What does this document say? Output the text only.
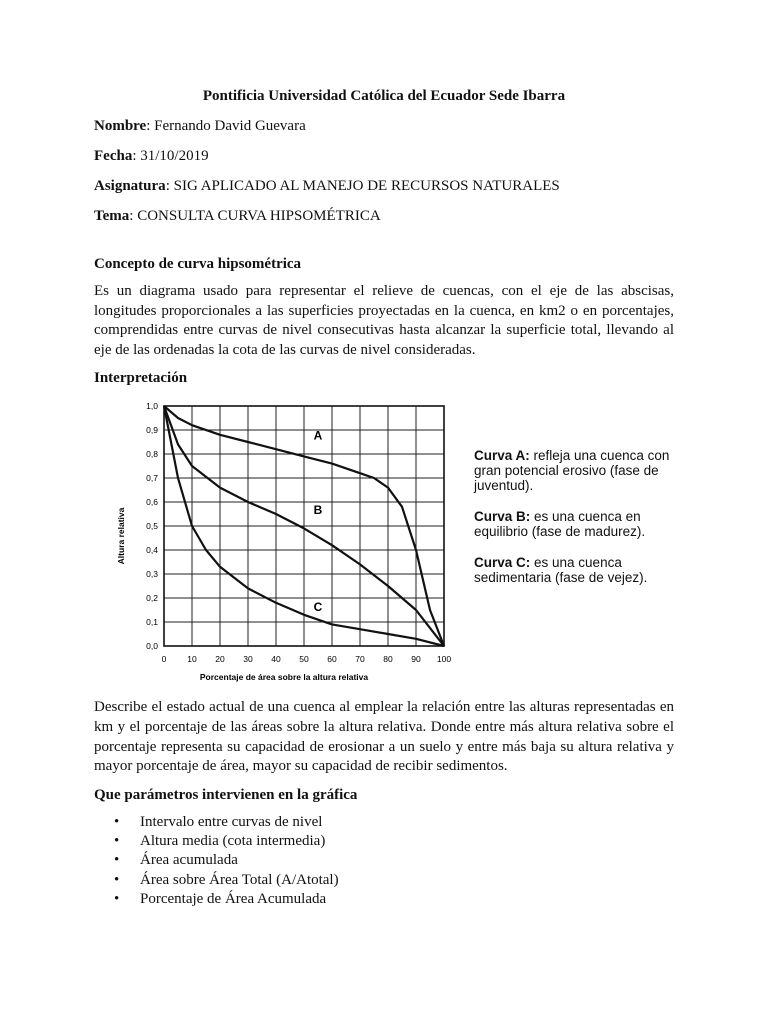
Pontificia Universidad Católica del Ecuador Sede Ibarra

Nombre: Fernando David Guevara

Fecha: 31/10/2019

Asignatura: SIG APLICADO AL MANEJO DE RECURSOS NATURALES

Tema: CONSULTA CURVA HIPSOMÉTRICA

Concepto de curva hipsométrica

Es un diagrama usado para representar el relieve de cuencas, con el eje de las abscisas, longitudes proporcionales a las superficies proyectadas en la cuenca, en km2 o en porcentajes, comprendidas entre curvas de nivel consecutivas hasta alcanzar la superficie total, llevando al eje de las ordenadas la cota de las curvas de nivel consideradas.

Interpretación

0 10 20 30 40 50 60 70 80 90 100
0,0
0,1
0,2
0,3
0,4
0,5
0,6
0,7
0,8
0,9
1,0
Porcentaje de área sobre la altura relativa
Altura relativa
A
B
C
Curva A: refleja una cuenca con gran potencial erosivo (fase de juventud).
Curva B: es una cuenca en equilibrio (fase de madurez).
Curva C: es una cuenca sedimentaria (fase de vejez).

Describe el estado actual de una cuenca al emplear la relación entre las alturas representadas en km y el porcentaje de las áreas sobre la altura relativa. Donde entre más altura relativa sobre el porcentaje representa su capacidad de erosionar a un suelo y entre más baja su altura relativa y mayor porcentaje de área, mayor su capacidad de recibir sedimentos.

Que parámetros intervienen en la gráfica

• Intervalo entre curvas de nivel
• Altura media (cota intermedia)
• Área acumulada
• Área sobre Área Total (A/Atotal)
• Porcentaje de Área Acumulada
